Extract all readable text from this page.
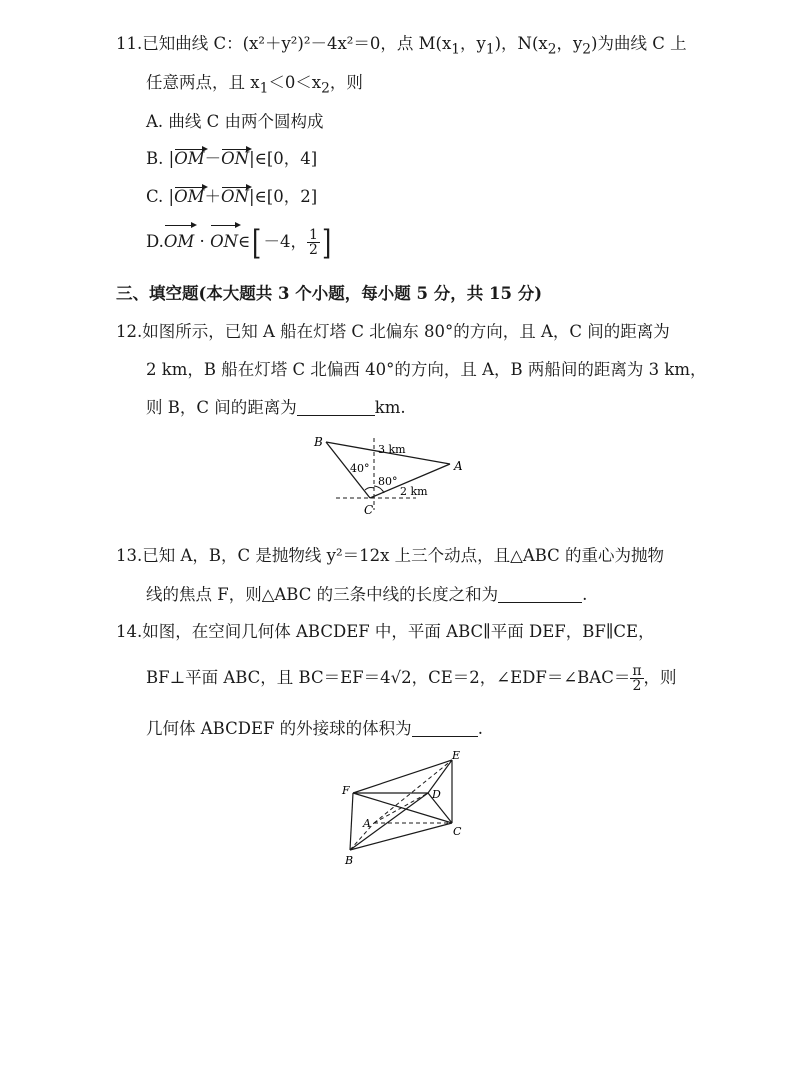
11.已知曲线 C：(x²＋y²)²－4x²＝0，点 $M(x_1$，$y_1$)，$N(x_2$，$y_2$)为曲线 C 上
任意两点，且 $x_1<0<x_2$，则
A. 曲线 C 由两个圆构成
B. |OM－ON|∈[0，4]
C. |OM＋ON|∈[0，2]
D.OM · ON∈[ －4， $\frac{1}{2}$ ]
三、填空题(本大题共 3 个小题，每小题 5 分，共 15 分)
12.如图所示，已知 A 船在灯塔 C 北偏东 80°的方向，且 A，C 间的距离为
2 km，B 船在灯塔 C 北偏西 40°的方向，且 A，B 两船间的距离为 3 km，
则 B，C 间的距离为	km.
B
A
C
3 km
2 km
40°
80°
13.已知 A，B，C 是抛物线 y²＝12x 上三个动点，且△ABC 的重心为抛物
线的焦点 F，则△ABC 的三条中线的长度之和为	.
14.如图，在空间几何体 ABCDEF 中，平面 ABC∥平面 DEF，BF∥CE，
BF⊥平面 ABC，且 BC＝EF＝4√2，CE＝2，∠EDF＝∠BAC＝ $\frac{\pi}{2}$ ，则
几何体 ABCDEF 的外接球的体积为	.
E
F	D
A
C
B
